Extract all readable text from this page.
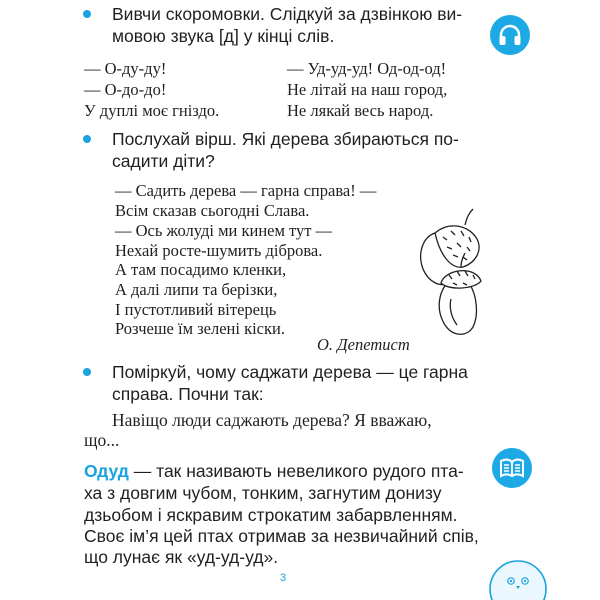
Вивчи скоромовки. Слідкуй за дзвінкою ви-
мовою звука [д] у кінці слів.
— О-ду-ду!
— О-до-до!
У дуплі моє гніздо.
— Уд-уд-уд! Од-од-од!
Не літай на наш город,
Не лякай весь народ.
Послухай вірш. Які дерева збираються по-
садити діти?
— Садить дерева — гарна справа! —
Всім сказав сьогодні Слава.
— Ось жолуді ми кинем тут —
Нехай росте-шумить діброва.
А там посадимо кленки,
А далі липи та берізки,
І пустотливий вітерець
Розчеше їм зелені кіски.
О. Депетист
Поміркуй, чому саджати дерева — це гарна
справа. Почни так:
Навіщо люди саджають дерева? Я вважаю,
що...
Одуд — так називають невеликого рудого пта-
ха з довгим чубом, тонким, загнутим донизу
дзьобом і яскравим строкатим забарвленням.
Своє ім’я цей птах отримав за незвичайний спів,
що лунає як «уд-уд-уд».
3
